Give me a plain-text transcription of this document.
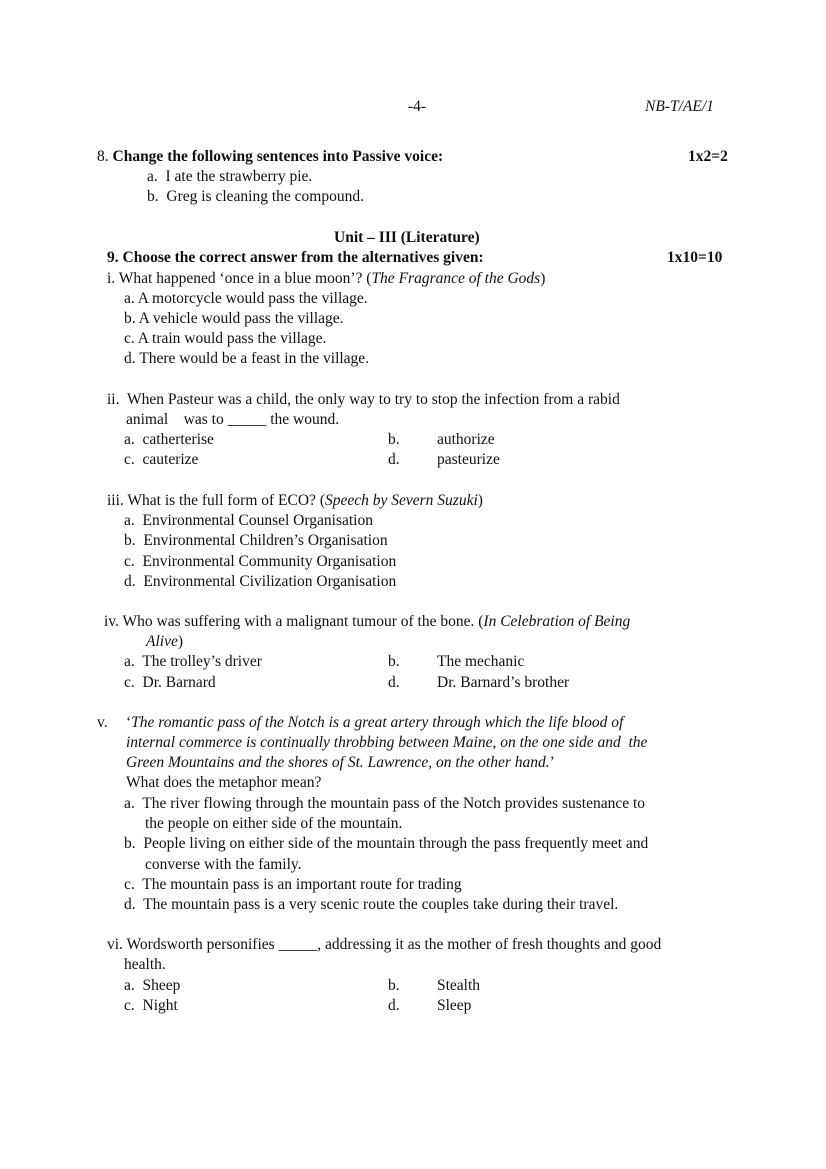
-4-	NB-T/AE/1
8. Change the following sentences into Passive voice:	1x2=2
a. I ate the strawberry pie.
b. Greg is cleaning the compound.
Unit – III (Literature)
9. Choose the correct answer from the alternatives given:	1x10=10
i. What happened ‘once in a blue moon’? (The Fragrance of the Gods)
a. A motorcycle would pass the village.
b. A vehicle would pass the village.
c. A train would pass the village.
d. There would be a feast in the village.
ii. When Pasteur was a child, the only way to try to stop the infection from a rabid
animal    was to _____ the wound.
a. catherterise	b. authorize
c. cauterize	d. pasteurize
iii. What is the full form of ECO? (Speech by Severn Suzuki)
a. Environmental Counsel Organisation
b. Environmental Children’s Organisation
c. Environmental Community Organisation
d. Environmental Civilization Organisation
iv. Who was suffering with a malignant tumour of the bone. (In Celebration of Being
Alive)
a. The trolley’s driver	b. The mechanic
c. Dr. Barnard	d. Dr. Barnard’s brother
v. ‘The romantic pass of the Notch is a great artery through which the life blood of
internal commerce is continually throbbing between Maine, on the one side and  the
Green Mountains and the shores of St. Lawrence, on the other hand.’
What does the metaphor mean?
a. The river flowing through the mountain pass of the Notch provides sustenance to
the people on either side of the mountain.
b. People living on either side of the mountain through the pass frequently meet and
converse with the family.
c. The mountain pass is an important route for trading
d. The mountain pass is a very scenic route the couples take during their travel.
vi. Wordsworth personifies _____, addressing it as the mother of fresh thoughts and good
health.
a. Sheep	b. Stealth
c. Night	d. Sleep
